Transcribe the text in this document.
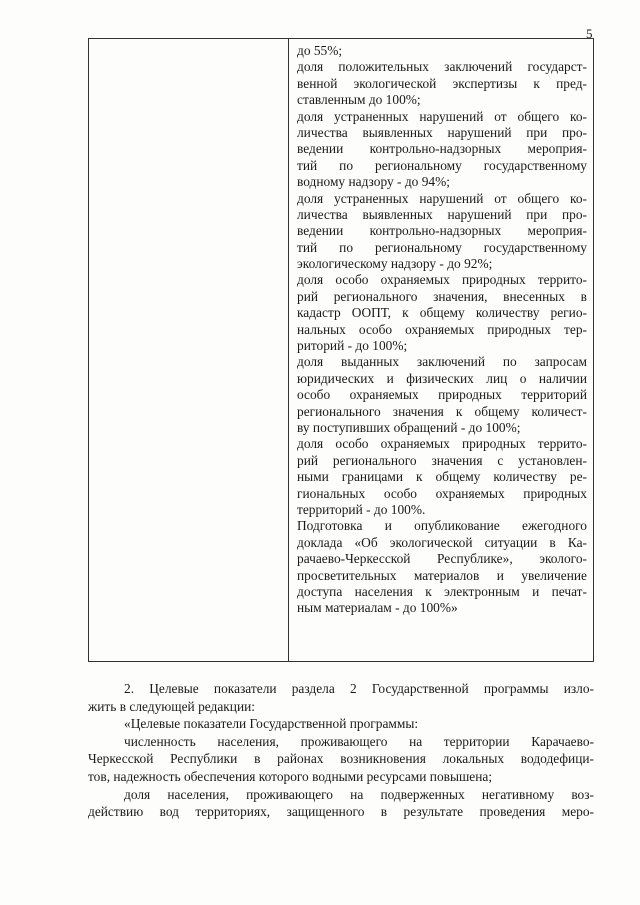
5
до 55%;
доля положительных заключений государст-
венной экологической экспертизы к пред-
ставленным до 100%;
доля устраненных нарушений от общего ко-
личества выявленных нарушений при про-
ведении контрольно-надзорных мероприя-
тий по региональному государственному
водному надзору - до 94%;
доля устраненных нарушений от общего ко-
личества выявленных нарушений при про-
ведении контрольно-надзорных мероприя-
тий по региональному государственному
экологическому надзору - до 92%;
доля особо охраняемых природных террито-
рий регионального значения, внесенных в
кадастр ООПТ, к общему количеству регио-
нальных особо охраняемых природных тер-
риторий - до 100%;
доля выданных заключений по запросам
юридических и физических лиц о наличии
особо охраняемых природных территорий
регионального значения к общему количест-
ву поступивших обращений - до 100%;
доля особо охраняемых природных террито-
рий регионального значения с установлен-
ными границами к общему количеству ре-
гиональных особо охраняемых природных
территорий - до 100%.
Подготовка и опубликование ежегодного
доклада «Об экологической ситуации в Ка-
рачаево-Черкесской Республике», эколого-
просветительных материалов и увеличение
доступа населения к электронным и печат-
ным материалам - до 100%»
2. Целевые показатели раздела 2 Государственной программы изло-
жить в следующей редакции:
«Целевые показатели Государственной программы:
численность населения, проживающего на территории Карачаево-
Черкесской Республики в районах возникновения локальных вододефици-
тов, надежность обеспечения которого водными ресурсами повышена;
доля населения, проживающего на подверженных негативному воз-
действию вод территориях, защищенного в результате проведения меро-
